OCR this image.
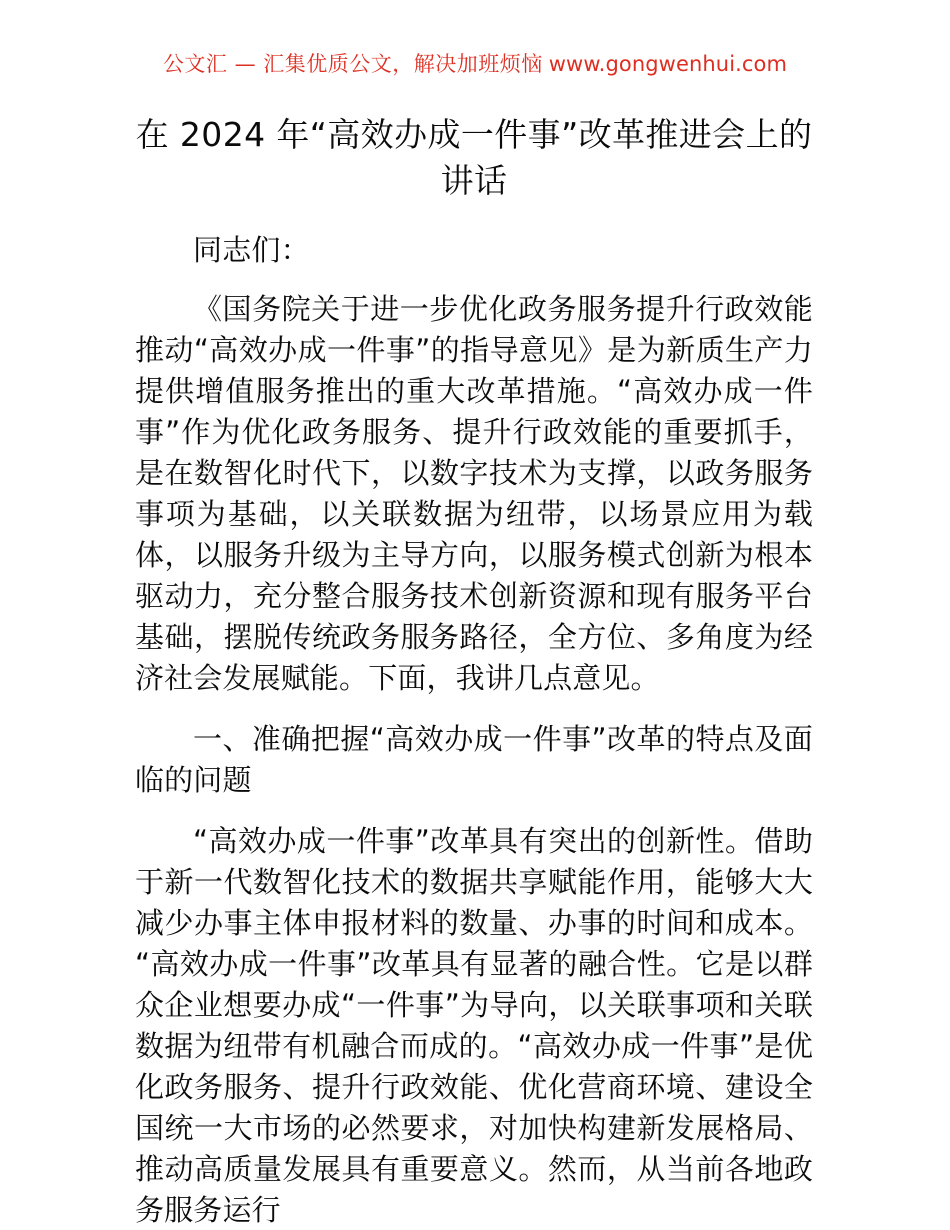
公文汇 — 汇集优质公文，解决加班烦恼 www.gongwenhui.com
在 2024 年“高效办成一件事”改革推进会上的讲话

同志们：

《国务院关于进一步优化政务服务提升行政效能推动“高效办成一件事”的指导意见》是为新质生产力提供增值服务推出的重大改革措施。“高效办成一件事”作为优化政务服务、提升行政效能的重要抓手，是在数智化时代下，以数字技术为支撑，以政务服务事项为基础，以关联数据为纽带，以场景应用为载体，以服务升级为主导方向，以服务模式创新为根本驱动力，充分整合服务技术创新资源和现有服务平台基础，摆脱传统政务服务路径，全方位、多角度为经济社会发展赋能。下面，我讲几点意见。

一、准确把握“高效办成一件事”改革的特点及面临的问题

“高效办成一件事”改革具有突出的创新性。借助于新一代数智化技术的数据共享赋能作用，能够大大减少办事主体申报材料的数量、办事的时间和成本。“高效办成一件事”改革具有显著的融合性。它是以群众企业想要办成“一件事”为导向，以关联事项和关联数据为纽带有机融合而成的。“高效办成一件事”是优化政务服务、提升行政效能、优化营商环境、建设全国统一大市场的必然要求，对加快构建新发展格局、推动高质量发展具有重要意义。然而，从当前各地政务服务运行
